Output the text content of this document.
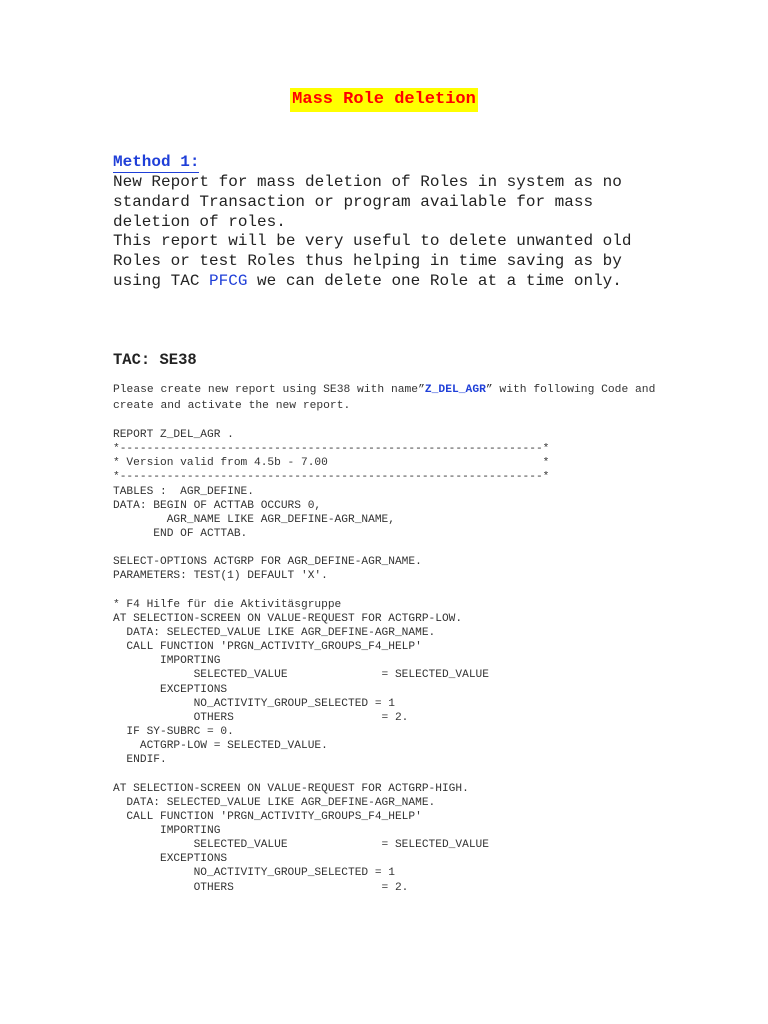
Mass Role deletion
Method 1:

New Report for mass deletion of Roles in system as no standard Transaction or program available for mass deletion of roles.

This report will be very useful to delete unwanted old Roles or test Roles thus helping in time saving as by using TAC PFCG we can delete one Role at a time only.

TAC: SE38

Please create new report using SE38 with name”Z_DEL_AGR” with following Code and create and activate the new report.

REPORT Z_DEL_AGR .
*---------------------------------------------------------------*
* Version valid from 4.5b - 7.00                                *
*---------------------------------------------------------------*
TABLES :  AGR_DEFINE.
DATA: BEGIN OF ACTTAB OCCURS 0,
AGR_NAME LIKE AGR_DEFINE-AGR_NAME,
END OF ACTTAB.
SELECT-OPTIONS ACTGRP FOR AGR_DEFINE-AGR_NAME.
PARAMETERS: TEST(1) DEFAULT 'X'.
* F4 Hilfe für die Aktivitäsgruppe
AT SELECTION-SCREEN ON VALUE-REQUEST FOR ACTGRP-LOW.
DATA: SELECTED_VALUE LIKE AGR_DEFINE-AGR_NAME.
CALL FUNCTION 'PRGN_ACTIVITY_GROUPS_F4_HELP'
IMPORTING
SELECTED_VALUE              = SELECTED_VALUE
EXCEPTIONS
NO_ACTIVITY_GROUP_SELECTED = 1
OTHERS                      = 2.
IF SY-SUBRC = 0.
ACTGRP-LOW = SELECTED_VALUE.
ENDIF.
AT SELECTION-SCREEN ON VALUE-REQUEST FOR ACTGRP-HIGH.
DATA: SELECTED_VALUE LIKE AGR_DEFINE-AGR_NAME.
CALL FUNCTION 'PRGN_ACTIVITY_GROUPS_F4_HELP'
IMPORTING
SELECTED_VALUE              = SELECTED_VALUE
EXCEPTIONS
NO_ACTIVITY_GROUP_SELECTED = 1
OTHERS                      = 2.
